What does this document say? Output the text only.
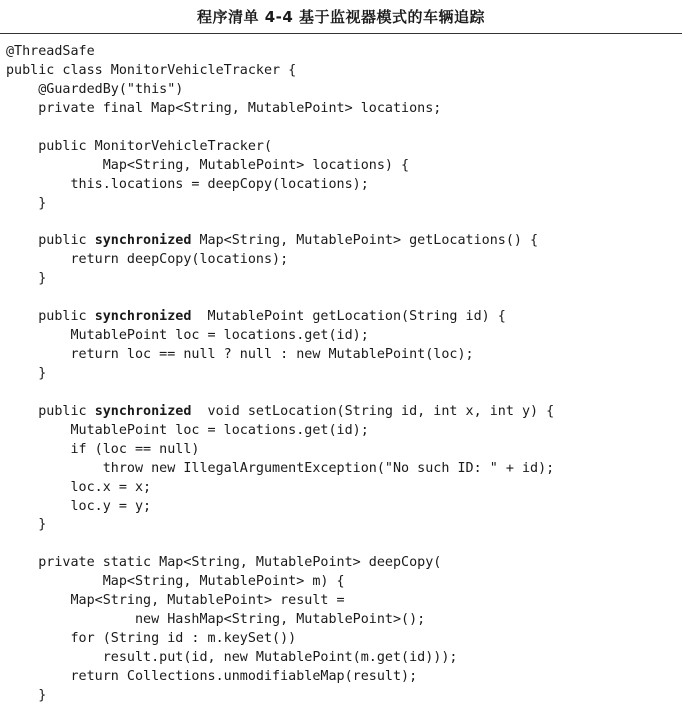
程序清单 4-4 基于监视器模式的车辆追踪
@ThreadSafe
public class MonitorVehicleTracker {
@GuardedBy("this")
private final Map<String, MutablePoint> locations;

public MonitorVehicleTracker(
Map<String, MutablePoint> locations) {
this.locations = deepCopy(locations);
}

public synchronized Map<String, MutablePoint> getLocations() {
return deepCopy(locations);
}

public synchronized  MutablePoint getLocation(String id) {
MutablePoint loc = locations.get(id);
return loc == null ? null : new MutablePoint(loc);
}

public synchronized  void setLocation(String id, int x, int y) {
MutablePoint loc = locations.get(id);
if (loc == null)
throw new IllegalArgumentException("No such ID: " + id);
loc.x = x;
loc.y = y;
}

private static Map<String, MutablePoint> deepCopy(
Map<String, MutablePoint> m) {
Map<String, MutablePoint> result =
new HashMap<String, MutablePoint>();
for (String id : m.keySet())
result.put(id, new MutablePoint(m.get(id)));
return Collections.unmodifiableMap(result);
}
